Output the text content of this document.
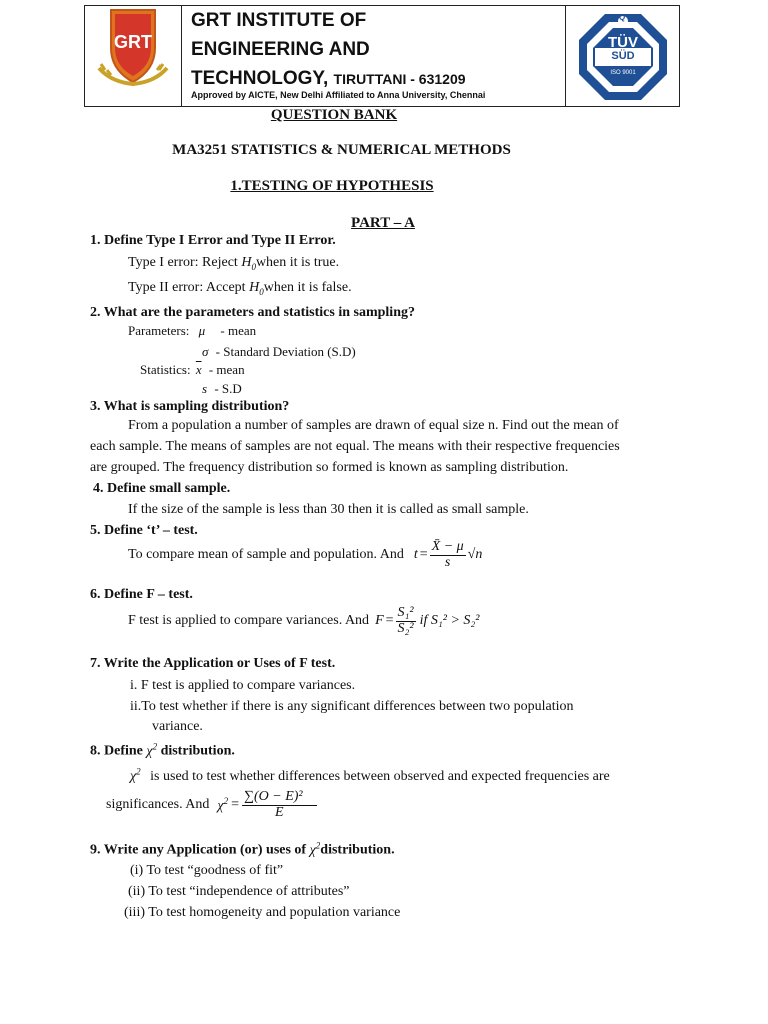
GRT
GRT INSTITUTE OF
ENGINEERING AND
TECHNOLOGY, TIRUTTANI - 631209
Approved by AICTE, New Delhi Affiliated to Anna University, Chennai
Q
TÜV
SÜD
ISO 9001
QUESTION BANK
MA3251 STATISTICS & NUMERICAL METHODS
1.TESTING OF HYPOTHESIS
PART – A
1. Define Type I Error and Type II Error.
Type I error: Reject $H_0when$ it is true.
Type II error: Accept $H_0when$ it is false.
2. What are the parameters and statistics in sampling?
Parameters: μ - mean
σ - Standard Deviation (S.D)
Statistics: $\overline{x}$ - mean
s - S.D
3. What is sampling distribution?
From a population a number of samples are drawn of equal size n. Find out the mean of
each sample. The means of samples are not equal. The means with their respective frequencies
are grouped. The frequency distribution so formed is known as sampling distribution.
4. Define small sample.
If the size of the sample is less than 30 then it is called as small sample.
5. Define ‘t’ – test.
To compare mean of sample and population. And $t = \frac{X̄ - \mu}{s} √n$
6. Define F – test.
F test is applied to compare variances. And $F = \frac{\text{S₁²}}{\text{S₂²}}$ if S₁² > S₂²
7. Write the Application or Uses of F test.
i. F test is applied to compare variances.
ii.To test whether if there is any significant differences between two population
variance.
8. Define $\chi^2$ distribution.
$\chi^2$ is used to test whether differences between observed and expected frequencies are
significances. And $\chi^2 = \frac{\text{∑(O − E)²}}{E}$
9. Write any Application (or) uses of $\chi^2distribution$.
(i) To test “goodness of fit”
(ii) To test “independence of attributes”
(iii) To test homogeneity and population variance
